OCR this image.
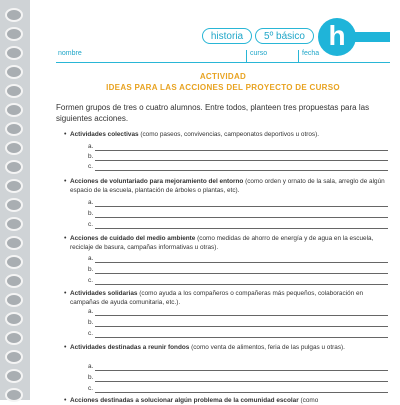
historia	5º básico h
nombre	curso	fecha
ACTIVIDAD
IDEAS PARA LAS ACCIONES DEL PROYECTO DE CURSO
Formen grupos de tres o cuatro alumnos. Entre todos, planteen tres propuestas para las siguientes acciones.
• Actividades colectivas (como paseos, convivencias, campeonatos deportivos u otros).
a.
b.
c.
• Acciones de voluntariado para mejoramiento del entorno (como orden y ornato de la sala, arreglo de algún espacio de la escuela, plantación de árboles o plantas, etc).
a.
b.
c.
• Acciones de cuidado del medio ambiente (como medidas de ahorro de energía y de agua en la escuela, reciclaje de basura, campañas informativas u otras).
a.
b.
c.
• Actividades solidarias (como ayuda a los compañeros o compañeras más pequeños, colaboración en campañas de ayuda comunitaria, etc.).
a.
b.
c.
• Actividades destinadas a reunir fondos (como venta de alimentos, feria de las pulgas u otras).
a.
b.
c.
• Acciones destinadas a solucionar algún problema de la comunidad escolar (como
